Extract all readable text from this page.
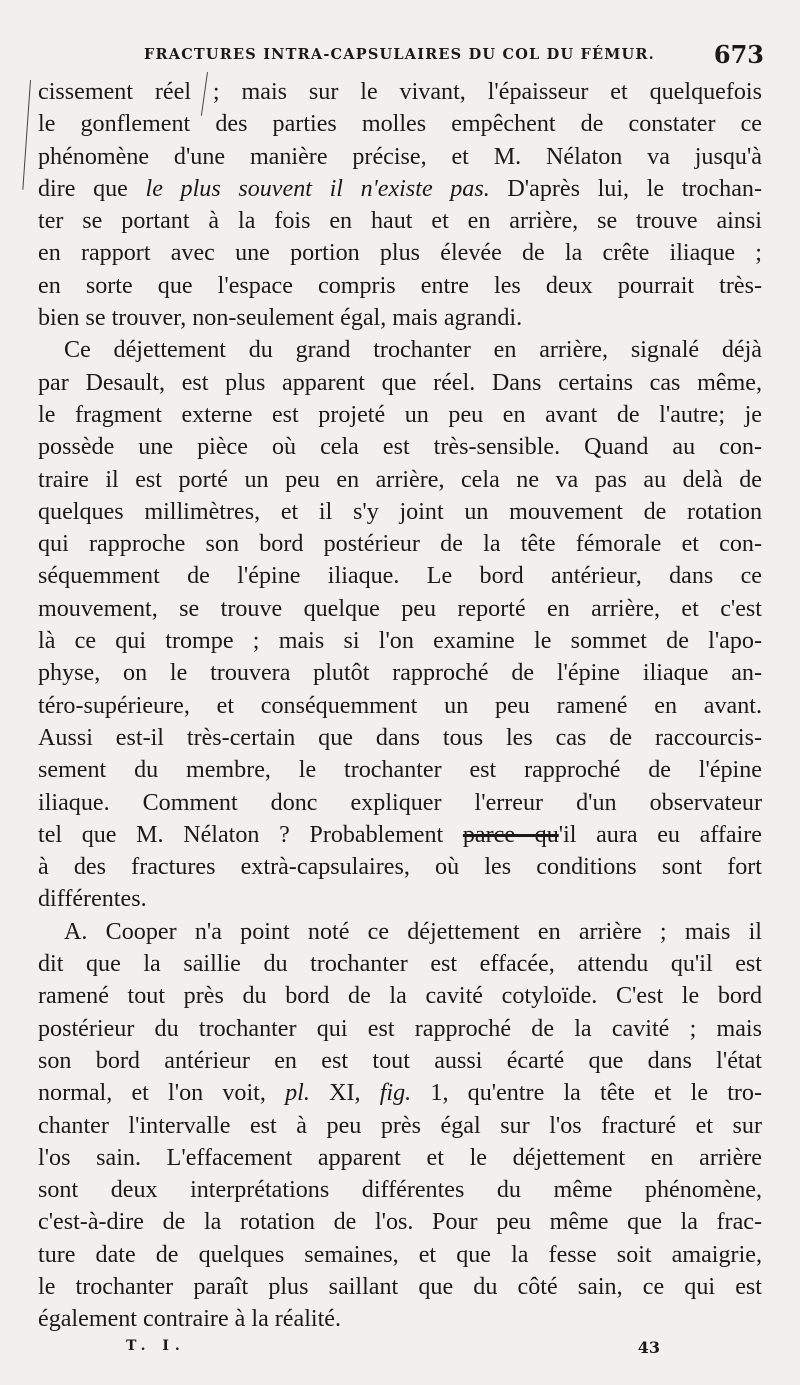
FRACTURES INTRA-CAPSULAIRES DU COL DU FÉMUR. 673
cissement réel ; mais sur le vivant, l'épaisseur et quelquefois
le gonflement des parties molles empêchent de constater ce
phénomène d'une manière précise, et M. Nélaton va jusqu'à
dire que le plus souvent il n'existe pas. D'après lui, le trochan-
ter se portant à la fois en haut et en arrière, se trouve ainsi
en rapport avec une portion plus élevée de la crête iliaque ;
en sorte que l'espace compris entre les deux pourrait très-
bien se trouver, non-seulement égal, mais agrandi.
Ce déjettement du grand trochanter en arrière, signalé déjà
par Desault, est plus apparent que réel. Dans certains cas même,
le fragment externe est projeté un peu en avant de l'autre; je
possède une pièce où cela est très-sensible. Quand au con-
traire il est porté un peu en arrière, cela ne va pas au delà de
quelques millimètres, et il s'y joint un mouvement de rotation
qui rapproche son bord postérieur de la tête fémorale et con-
séquemment de l'épine iliaque. Le bord antérieur, dans ce
mouvement, se trouve quelque peu reporté en arrière, et c'est
là ce qui trompe ; mais si l'on examine le sommet de l'apo-
physe, on le trouvera plutôt rapproché de l'épine iliaque an-
téro-supérieure, et conséquemment un peu ramené en avant.
Aussi est-il très-certain que dans tous les cas de raccourcis-
sement du membre, le trochanter est rapproché de l'épine
iliaque. Comment donc expliquer l'erreur d'un observateur
tel que M. Nélaton ? Probablement parce qu'il aura eu affaire
à des fractures extrà-capsulaires, où les conditions sont fort
différentes.
A. Cooper n'a point noté ce déjettement en arrière ; mais il
dit que la saillie du trochanter est effacée, attendu qu'il est
ramené tout près du bord de la cavité cotyloïde. C'est le bord
postérieur du trochanter qui est rapproché de la cavité ; mais
son bord antérieur en est tout aussi écarté que dans l'état
normal, et l'on voit, pl. XI, fig. 1, qu'entre la tête et le tro-
chanter l'intervalle est à peu près égal sur l'os fracturé et sur
l'os sain. L'effacement apparent et le déjettement en arrière
sont deux interprétations différentes du même phénomène,
c'est-à-dire de la rotation de l'os. Pour peu même que la frac-
ture date de quelques semaines, et que la fesse soit amaigrie,
le trochanter paraît plus saillant que du côté sain, ce qui est
également contraire à la réalité.
T. I.	43
